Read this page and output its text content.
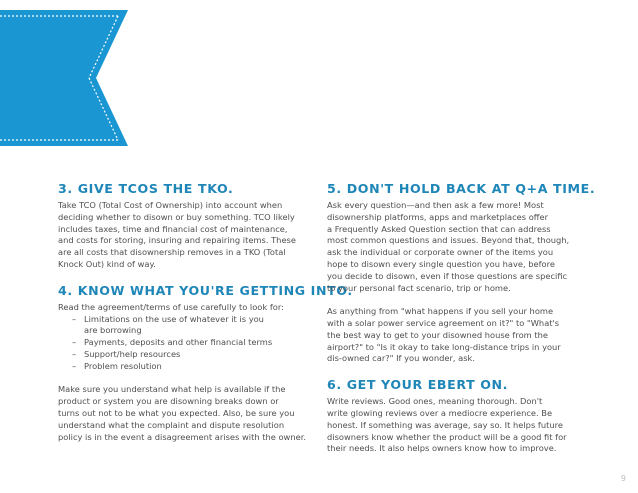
3. GIVE TCOS THE TKO.

Take TCO (Total Cost of Ownership) into account when
deciding whether to disown or buy something. TCO likely
includes taxes, time and financial cost of maintenance,
and costs for storing, insuring and repairing items. These
are all costs that disownership removes in a TKO (Total
Knock Out) kind of way.

4. KNOW WHAT YOU'RE GETTING INTO.

Read the agreement/terms of use carefully to look for:

– Limitations on the use of whatever it is you
are borrowing
– Payments, deposits and other financial terms
– Support/help resources
– Problem resolution

Make sure you understand what help is available if the
product or system you are disowning breaks down or
turns out not to be what you expected. Also, be sure you
understand what the complaint and dispute resolution
policy is in the event a disagreement arises with the owner.

5. DON'T HOLD BACK AT Q+A TIME.

Ask every question—and then ask a few more! Most
disownership platforms, apps and marketplaces offer
a Frequently Asked Question section that can address
most common questions and issues. Beyond that, though,
ask the individual or corporate owner of the items you
hope to disown every single question you have, before
you decide to disown, even if those questions are specific
to your personal fact scenario, trip or home.

As anything from "what happens if you sell your home
with a solar power service agreement on it?" to "What's
the best way to get to your disowned house from the
airport?" to "Is it okay to take long-distance trips in your
dis-owned car?" If you wonder, ask.

6. GET YOUR EBERT ON.

Write reviews. Good ones, meaning thorough. Don't
write glowing reviews over a mediocre experience. Be
honest. If something was average, say so. It helps future
disowners know whether the product will be a good fit for
their needs. It also helps owners know how to improve.

9
